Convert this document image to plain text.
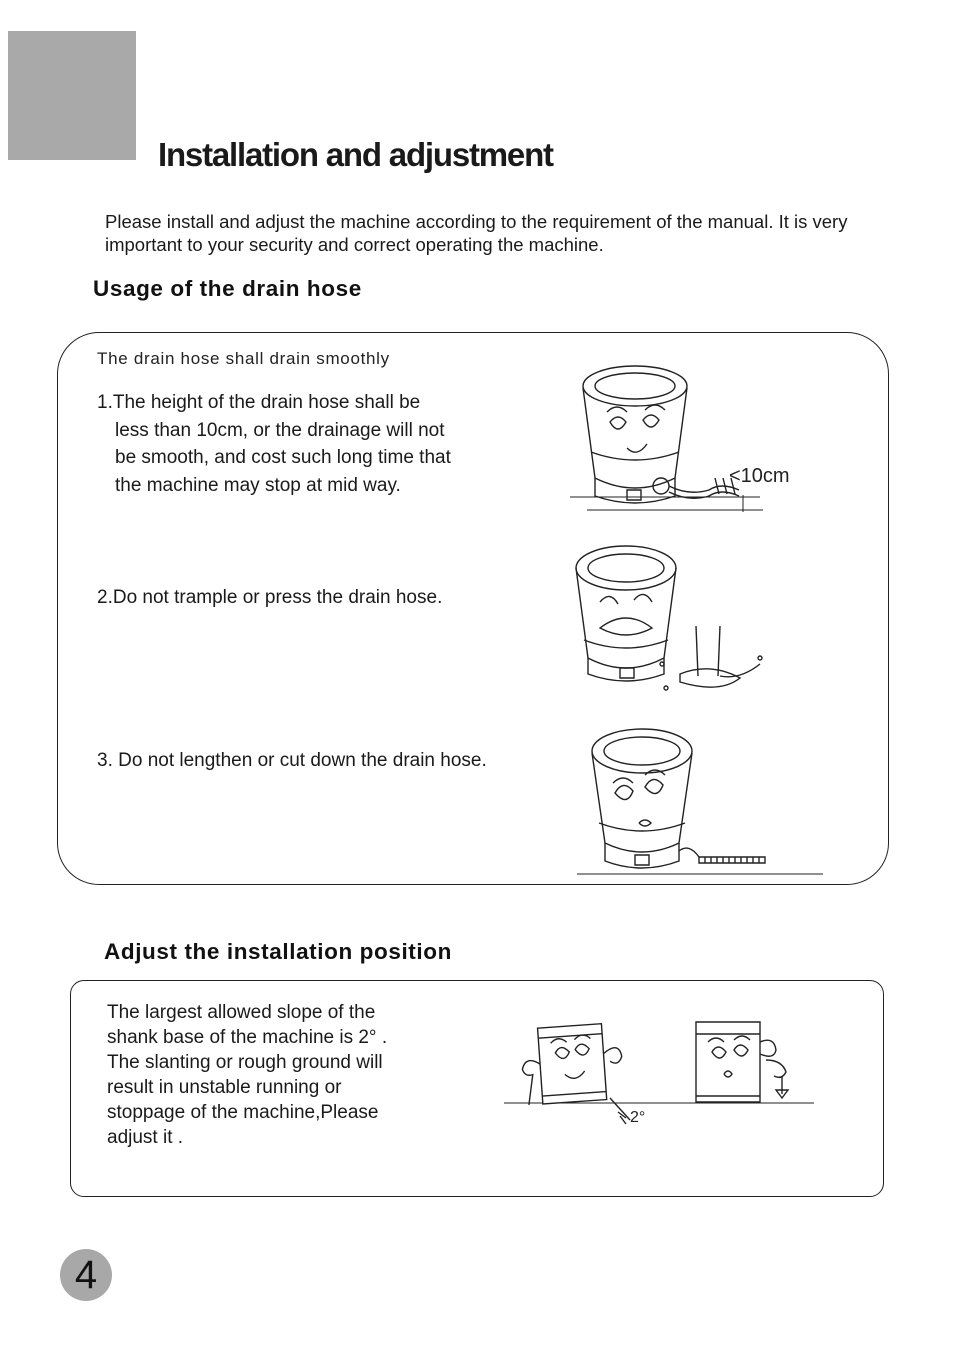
Installation and adjustment
Please install and adjust the machine according to the requirement of the manual. It is very important to your security and correct operating the machine.
Usage of the drain hose
The drain hose shall drain smoothly
1.The height of the drain hose shall be
less than 10cm, or the drainage will not
be smooth, and cost such long time that
the machine may stop at mid way.
2.Do not trample or press the drain hose.
3. Do not lengthen or cut down the drain hose.
<10cm
Adjust the installation position
The largest allowed slope of the
shank base of the machine is 2° .
The slanting or rough ground will
result in unstable running or
stoppage of the machine,Please
adjust it .
2°
4
